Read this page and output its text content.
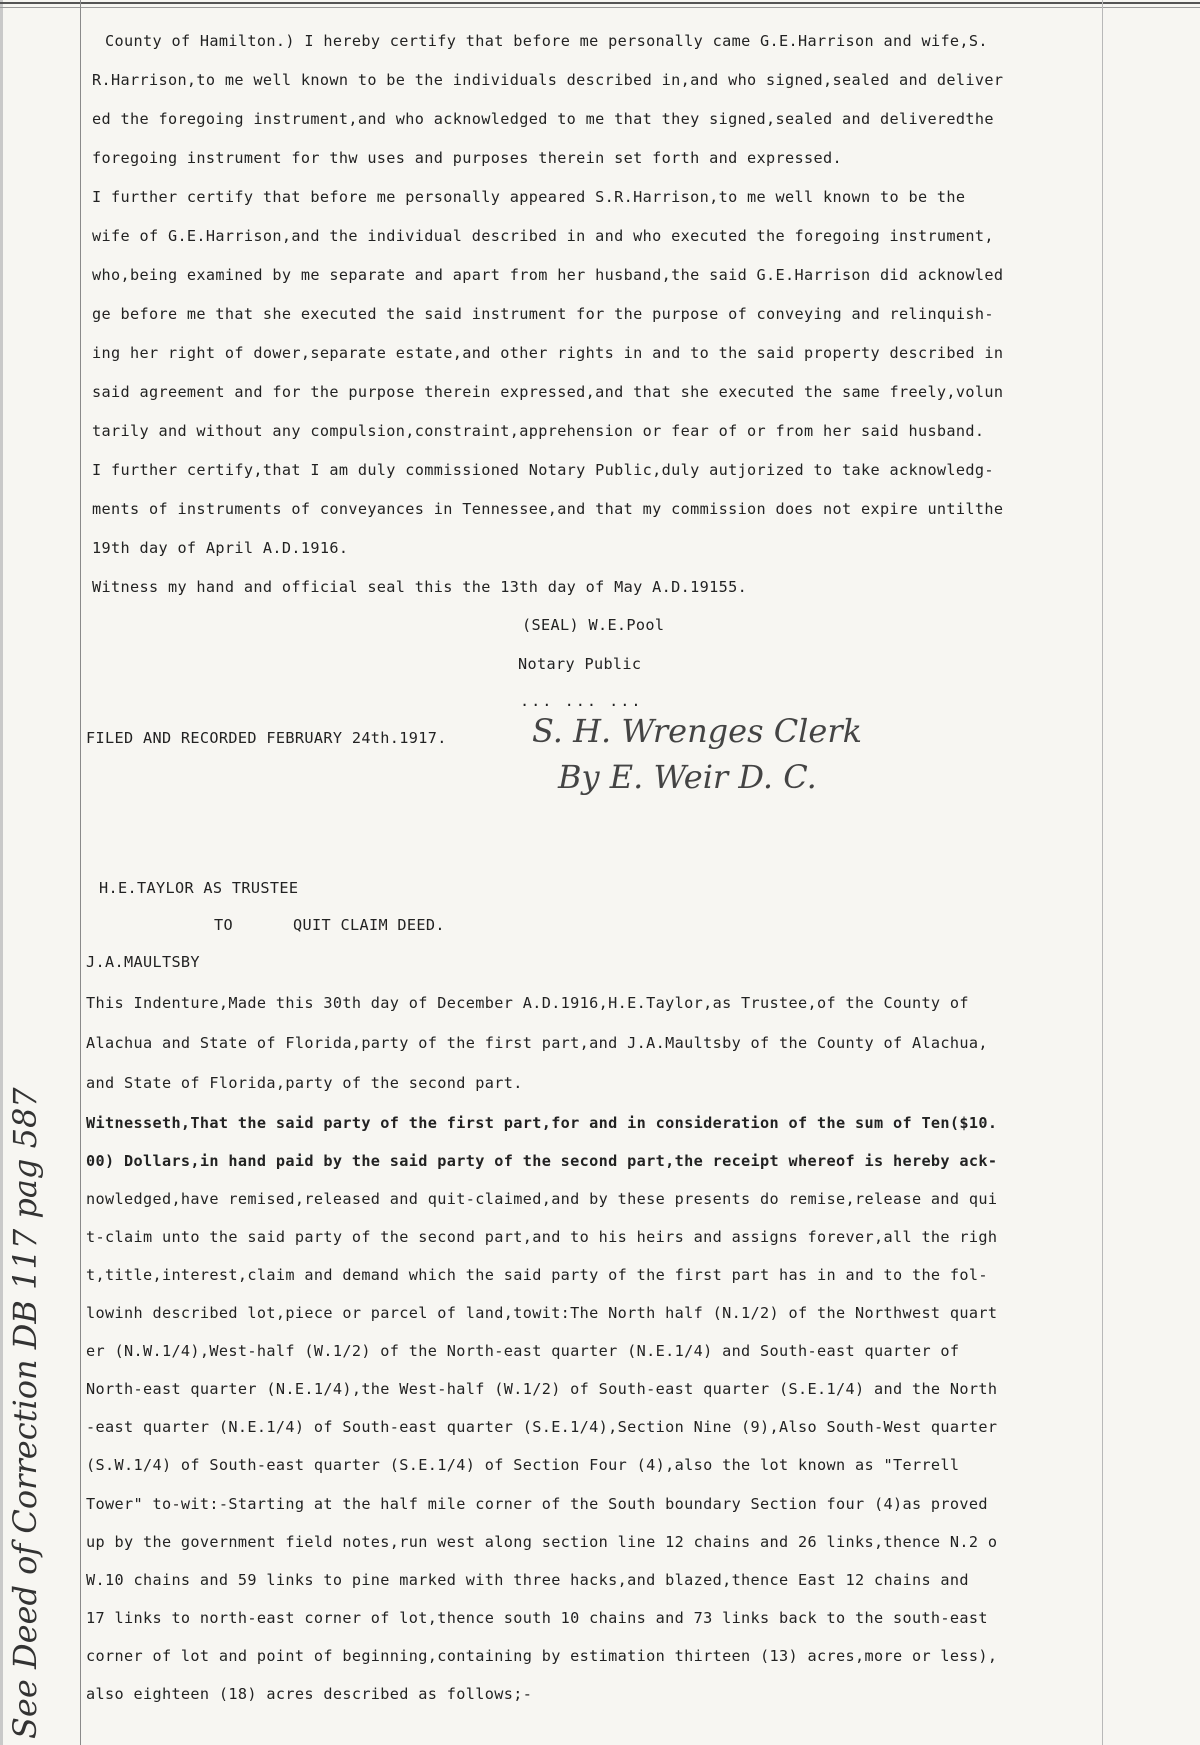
County of Hamilton.) I hereby certify that before me personally came G.E.Harrison and wife,S.
R.Harrison,to me well known to be the individuals described in,and who signed,sealed and deliver
ed the foregoing instrument,and who acknowledged to me that they signed,sealed and deliveredthe
foregoing instrument for thw uses and purposes therein set forth and expressed.
I further certify that before me personally appeared S.R.Harrison,to me well known to be the
wife of G.E.Harrison,and the individual described in and who executed the foregoing instrument,
who,being examined by me separate and apart from her husband,the said G.E.Harrison did acknowled
ge before me that she executed the said instrument for the purpose of conveying and relinquish-
ing her right of dower,separate estate,and other rights in and to the said property described in
said agreement and for the purpose therein expressed,and that she executed the same freely,volun
tarily and without any compulsion,constraint,apprehension or fear of or from her said husband.
I further certify,that I am duly commissioned Notary Public,duly autjorized to take acknowledg-
ments of instruments of conveyances in Tennessee,and that my commission does not expire untilthe
19th day of April A.D.1916.
Witness my hand and official seal this the 13th day of May A.D.19155.
(SEAL) W.E.Pool
Notary Public
... ... ...
FILED AND RECORDED FEBRUARY 24th.1917.	S. H. Wrenges Clerk
By E. Weir D. C.
H.E.TAYLOR AS TRUSTEE

TO

	QUIT CLAIM DEED.

J.A.MAULTSBY
This Indenture,Made this 30th day of December A.D.1916,H.E.Taylor,as Trustee,of the County of
Alachua and State of Florida,party of the first part,and J.A.Maultsby of the County of Alachua,
and State of Florida,party of the second part.
Witnesseth,That the said party of the first part,for and in consideration of the sum of Ten($10.
00) Dollars,in hand paid by the said party of the second part,the receipt whereof is hereby ack-
nowledged,have remised,released and quit-claimed,and by these presents do remise,release and qui
t-claim unto the said party of the second part,and to his heirs and assigns forever,all the righ
t,title,interest,claim and demand which the said party of the first part has in and to the fol-
lowinh described lot,piece or parcel of land,towit:The North half (N.1/2) of the Northwest quart
er (N.W.1/4),West-half (W.1/2) of the North-east quarter (N.E.1/4) and South-east quarter of
North-east quarter (N.E.1/4),the West-half (W.1/2) of South-east quarter (S.E.1/4) and the North
-east quarter (N.E.1/4) of South-east quarter (S.E.1/4),Section Nine (9),Also South-West quarter
(S.W.1/4) of South-east quarter (S.E.1/4) of Section Four (4),also the lot known as "Terrell
Tower" to-wit:-Starting at the half mile corner of the South boundary Section four (4)as proved
up by the government field notes,run west along section line 12 chains and 26 links,thence N.2 o
W.10 chains and 59 links to pine marked with three hacks,and blazed,thence East 12 chains and
17 links to north-east corner of lot,thence south 10 chains and 73 links back to the south-east
corner of lot and point of beginning,containing by estimation thirteen (13) acres,more or less),
also eighteen (18) acres described as follows;-
See Deed of Correction DB 117 pag 587
